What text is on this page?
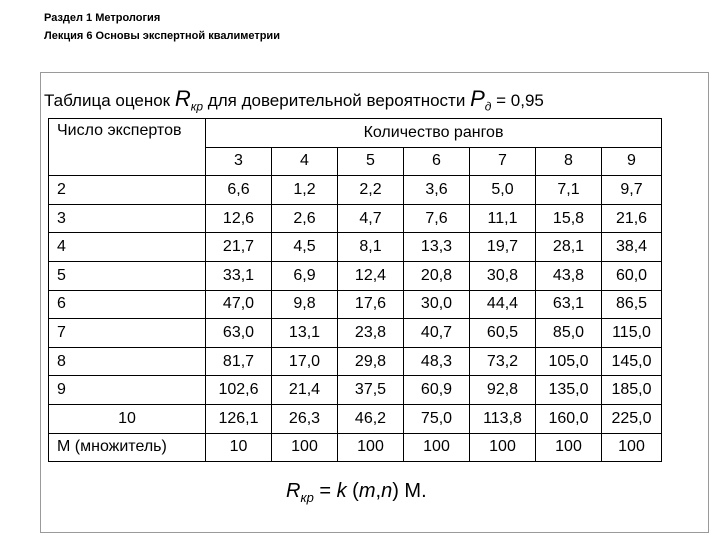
Раздел 1 Метрология
Лекция 6 Основы экспертной квалиметрии
Таблица оценок $R_{кр}$ для доверительной вероятности $P_д = 0,95$
Число экспертов	Количество рангов						
	3	4	5	6	7	8	9
2	6,6	1,2	2,2	3,6	5,0	7,1	9,7
3	12,6	2,6	4,7	7,6	11,1	15,8	21,6
4	21,7	4,5	8,1	13,3	19,7	28,1	38,4
5	33,1	6,9	12,4	20,8	30,8	43,8	60,0
6	47,0	9,8	17,6	30,0	44,4	63,1	86,5
7	63,0	13,1	23,8	40,7	60,5	85,0	115,0
8	81,7	17,0	29,8	48,3	73,2	105,0	145,0
9	102,6	21,4	37,5	60,9	92,8	135,0	185,0
10	126,1	26,3	46,2	75,0	113,8	160,0	225,0
М (множитель)	10	100	100	100	100	100	100
$R_{кр} = k$ (m,n) M.
